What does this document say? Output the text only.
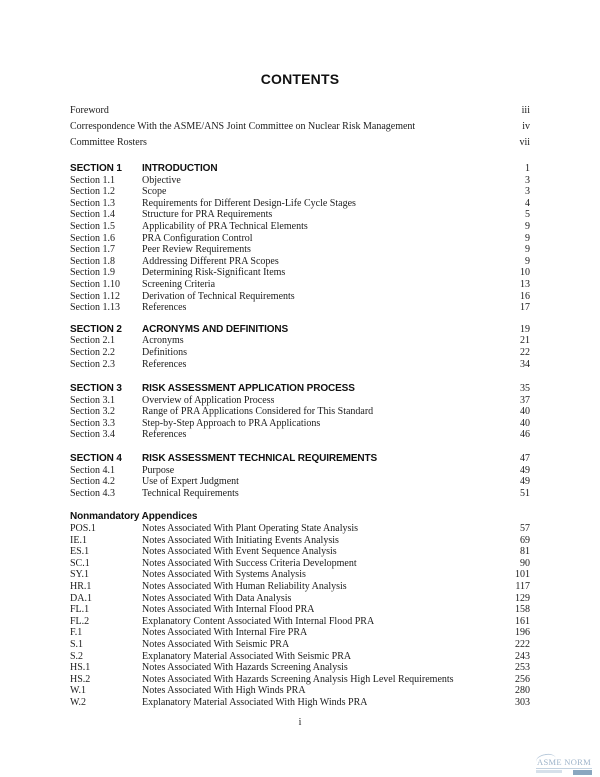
CONTENTS
Foreword	iii
Correspondence With the ASME/ANS Joint Committee on Nuclear Risk Management	iv
Committee Rosters	vii
SECTION 1	INTRODUCTION	1
Section 1.1	Objective	3
Section 1.2	Scope	3
Section 1.3	Requirements for Different Design-Life Cycle Stages	4
Section 1.4	Structure for PRA Requirements	5
Section 1.5	Applicability of PRA Technical Elements	9
Section 1.6	PRA Configuration Control	9
Section 1.7	Peer Review Requirements	9
Section 1.8	Addressing Different PRA Scopes	9
Section 1.9	Determining Risk-Significant Items	10
Section 1.10	Screening Criteria	13
Section 1.12	Derivation of Technical Requirements	16
Section 1.13	References	17
SECTION 2	ACRONYMS AND DEFINITIONS	19
Section 2.1	Acronyms	21
Section 2.2	Definitions	22
Section 2.3	References	34
SECTION 3	RISK ASSESSMENT APPLICATION PROCESS	35
Section 3.1	Overview of Application Process	37
Section 3.2	Range of PRA Applications Considered for This Standard	40
Section 3.3	Step-by-Step Approach to PRA Applications	40
Section 3.4	References	46
SECTION 4	RISK ASSESSMENT TECHNICAL REQUIREMENTS	47
Section 4.1	Purpose	49
Section 4.2	Use of Expert Judgment	49
Section 4.3	Technical Requirements	51
Nonmandatory Appendices
POS.1	Notes Associated With Plant Operating State Analysis	57
IE.1	Notes Associated With Initiating Events Analysis	69
ES.1	Notes Associated With Event Sequence Analysis	81
SC.1	Notes Associated With Success Criteria Development	90
SY.1	Notes Associated With Systems Analysis	101
HR.1	Notes Associated With Human Reliability Analysis	117
DA.1	Notes Associated With Data Analysis	129
FL.1	Notes Associated With Internal Flood PRA	158
FL.2	Explanatory Content Associated With Internal Flood PRA	161
F.1	Notes Associated With Internal Fire PRA	196
S.1	Notes Associated With Seismic PRA	222
S.2	Explanatory Material Associated With Seismic PRA	243
HS.1	Notes Associated With Hazards Screening Analysis	253
HS.2	Notes Associated With Hazards Screening Analysis High Level Requirements	256
W.1	Notes Associated With High Winds PRA	280
W.2	Explanatory Material Associated With High Winds PRA	303
i
ASME NORM
